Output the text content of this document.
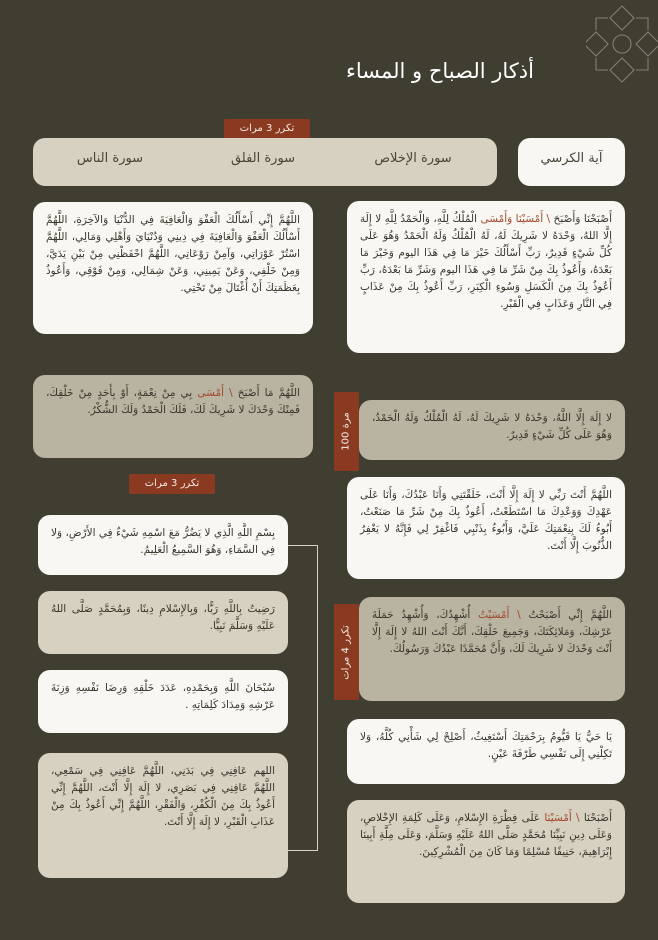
أذكار الصباح و المساء
تكرر 3 مرات
سورة الإخلاص
سورة الفلق
سورة الناس	آية الكرسي
أَصْبَحْنَا وَأَصْبَحَ \ أَمْسَيْنَا وَأَمْسَى الْمُلْكُ لِلَّهِ، وَالْحَمْدُ لِلَّهِ لا إِلَهَ إِلَّا اللهُ، وَحْدَهُ لا شَرِيكَ لَهُ، لَهُ الْمُلْكُ وَلَهُ الْحَمْدُ وَهُوَ عَلَى كُلِّ شَيْءٍ قَدِيرٌ، رَبِّ أَسْأَلُكَ خَيْرَ مَا فِي هَذَا اليوم وَخَيْرَ مَا بَعْدَهُ، وَأَعُوذُ بِكَ مِنْ شَرِّ مَا فِي هَذَا اليوم وَشَرِّ مَا بَعْدَهُ، رَبِّ أَعُوذُ بِكَ مِنَ الْكَسَلِ وَسُوءِ الْكِبَرِ، رَبِّ أَعُوذُ بِكَ مِنْ عَذَابٍ فِي النَّارِ وَعَذَابٍ فِي الْقَبْرِ.
100 مرة	لا إِلَهَ إِلَّا اللَّهُ، وَحْدَهُ لا شَرِيكَ لَهُ، لَهُ الْمُلْكُ وَلَهُ الْحَمْدُ، وَهُوَ عَلَى كُلِّ شَيْءٍ قَدِيرٌ.
اللَّهُمَّ أَنْتَ رَبِّي لا إِلَهَ إِلَّا أَنْتَ، خَلَقْتَنِي وَأَنَا عَبْدُكَ، وَأَنَا عَلَى عَهْدِكَ وَوَعْدِكَ مَا اسْتَطَعْتُ، أَعُوذُ بِكَ مِنْ شَرِّ مَا صَنَعْتُ، أَبُوءُ لَكَ بِنِعْمَتِكَ عَلَيَّ، وَأَبُوءُ بِذَنْبِي فَاغْفِرْ لِي فَإِنَّهُ لا يَغْفِرُ الذُّنُوبَ إِلَّا أَنْتَ.
تكرر 4 مرات
اللَّهُمَّ إِنِّي أَصْبَحْتُ \ أَمْسَيْتُ أُشْهِدُكَ، وَأُشْهِدُ حَمَلَةَ عَرْشِكَ، وَمَلائِكَتَكَ، وَجَمِيعَ خَلْقِكَ، أَنَّكَ أَنْتَ اللهُ لا إِلَهَ إِلَّا أَنْتَ وَحْدَكَ لا شَرِيكَ لَكَ، وَأَنَّ مُحَمَّدًا عَبْدُكَ وَرَسُولُكَ.
يَا حَيُّ يَا قَيُّومُ بِرَحْمَتِكَ أَسْتَغِيثُ، أَصْلِحْ لِي شَأْنِي كُلَّهُ، وَلا تَكِلْنِي إِلَى نَفْسِي طَرْفَةَ عَيْنٍ.
أَصْبَحْنَا \ أَمْسَيْنَا عَلَى فِطْرَةِ الإِسْلامِ، وَعَلَى كَلِمَةِ الإِخْلاصِ، وَعَلَى دِينِ نَبِيِّنَا مُحَمَّدٍ صَلَّى اللهُ عَلَيْهِ وَسَلَّمَ، وَعَلَى مِلَّةِ أَبِينَا إِبْرَاهِيمَ، حَنِيفًا مُسْلِمًا وَمَا كَانَ مِنَ الْمُشْرِكِينَ.
اللَّهُمَّ إِنِّي أَسْأَلُكَ الْعَفْوَ وَالْعَافِيَةَ فِي الدُّنْيَا وَالآخِرَةِ، اللَّهُمَّ أَسْأَلُكَ الْعَفْوَ وَالْعَافِيَةَ فِي دِينِي وَدُنْيَايَ وَأَهْلِي وَمَالِي، اللَّهُمَّ اسْتُرْ عَوْرَاتِي، وَآمِنْ رَوْعَاتِي، اللَّهُمَّ احْفَظْنِي مِنْ بَيْنِ يَدَيَّ، وَمِنْ خَلْفِي، وَعَنْ يَمِينِي، وَعَنْ شِمَالِي، وَمِنْ فَوْقِي، وَأَعُوذُ بِعَظَمَتِكَ أَنْ أُغْتَالَ مِنْ تَحْتِي.
اللَّهُمَّ مَا أَصْبَحَ \ أَمْسَى بِي مِنْ نِعْمَةٍ، أَوْ بِأَحَدٍ مِنْ خَلْقِكَ، فَمِنْكَ وَحْدَكَ لا شَرِيكَ لَكَ، فَلَكَ الْحَمْدُ وَلَكَ الشُّكْرُ.
تكرر 3 مرات
بِسْمِ اللَّهِ الَّذِي لا يَضُرُّ مَعَ اسْمِهِ شَيْءٌ فِي الأَرْضِ، وَلا فِي السَّمَاءِ، وَهُوَ السَّمِيعُ الْعَلِيمُ.
رَضِيتُ بِاللَّهِ رَبًّا، وَبِالإِسْلامِ دِينًا، وَبِمُحَمَّدٍ صَلَّى اللهُ عَلَيْهِ وَسَلَّمَ نَبِيًّا.
سُبْحَانَ اللَّهِ وَبِحَمْدِهِ، عَدَدَ خَلْقِهِ وَرِضَا نَفْسِهِ وَزِنَةَ عَرْشِهِ وَمِدَادَ كَلِمَاتِهِ .
اللهم عَافِنِي فِي بَدَنِي، اللَّهُمَّ عَافِنِي فِي سَمْعِي، اللَّهُمَّ عَافِنِي فِي بَصَرِي، لا إِلَهَ إِلَّا أَنْتَ، اللَّهُمَّ إِنِّي أَعُوذُ بِكَ مِنَ الْكُفْرِ، وَالْفَقْرِ، اللَّهُمَّ إِنِّي أَعُوذُ بِكَ مِنْ عَذَابِ الْقَبْرِ، لا إِلَهَ إِلَّا أَنْتَ.
